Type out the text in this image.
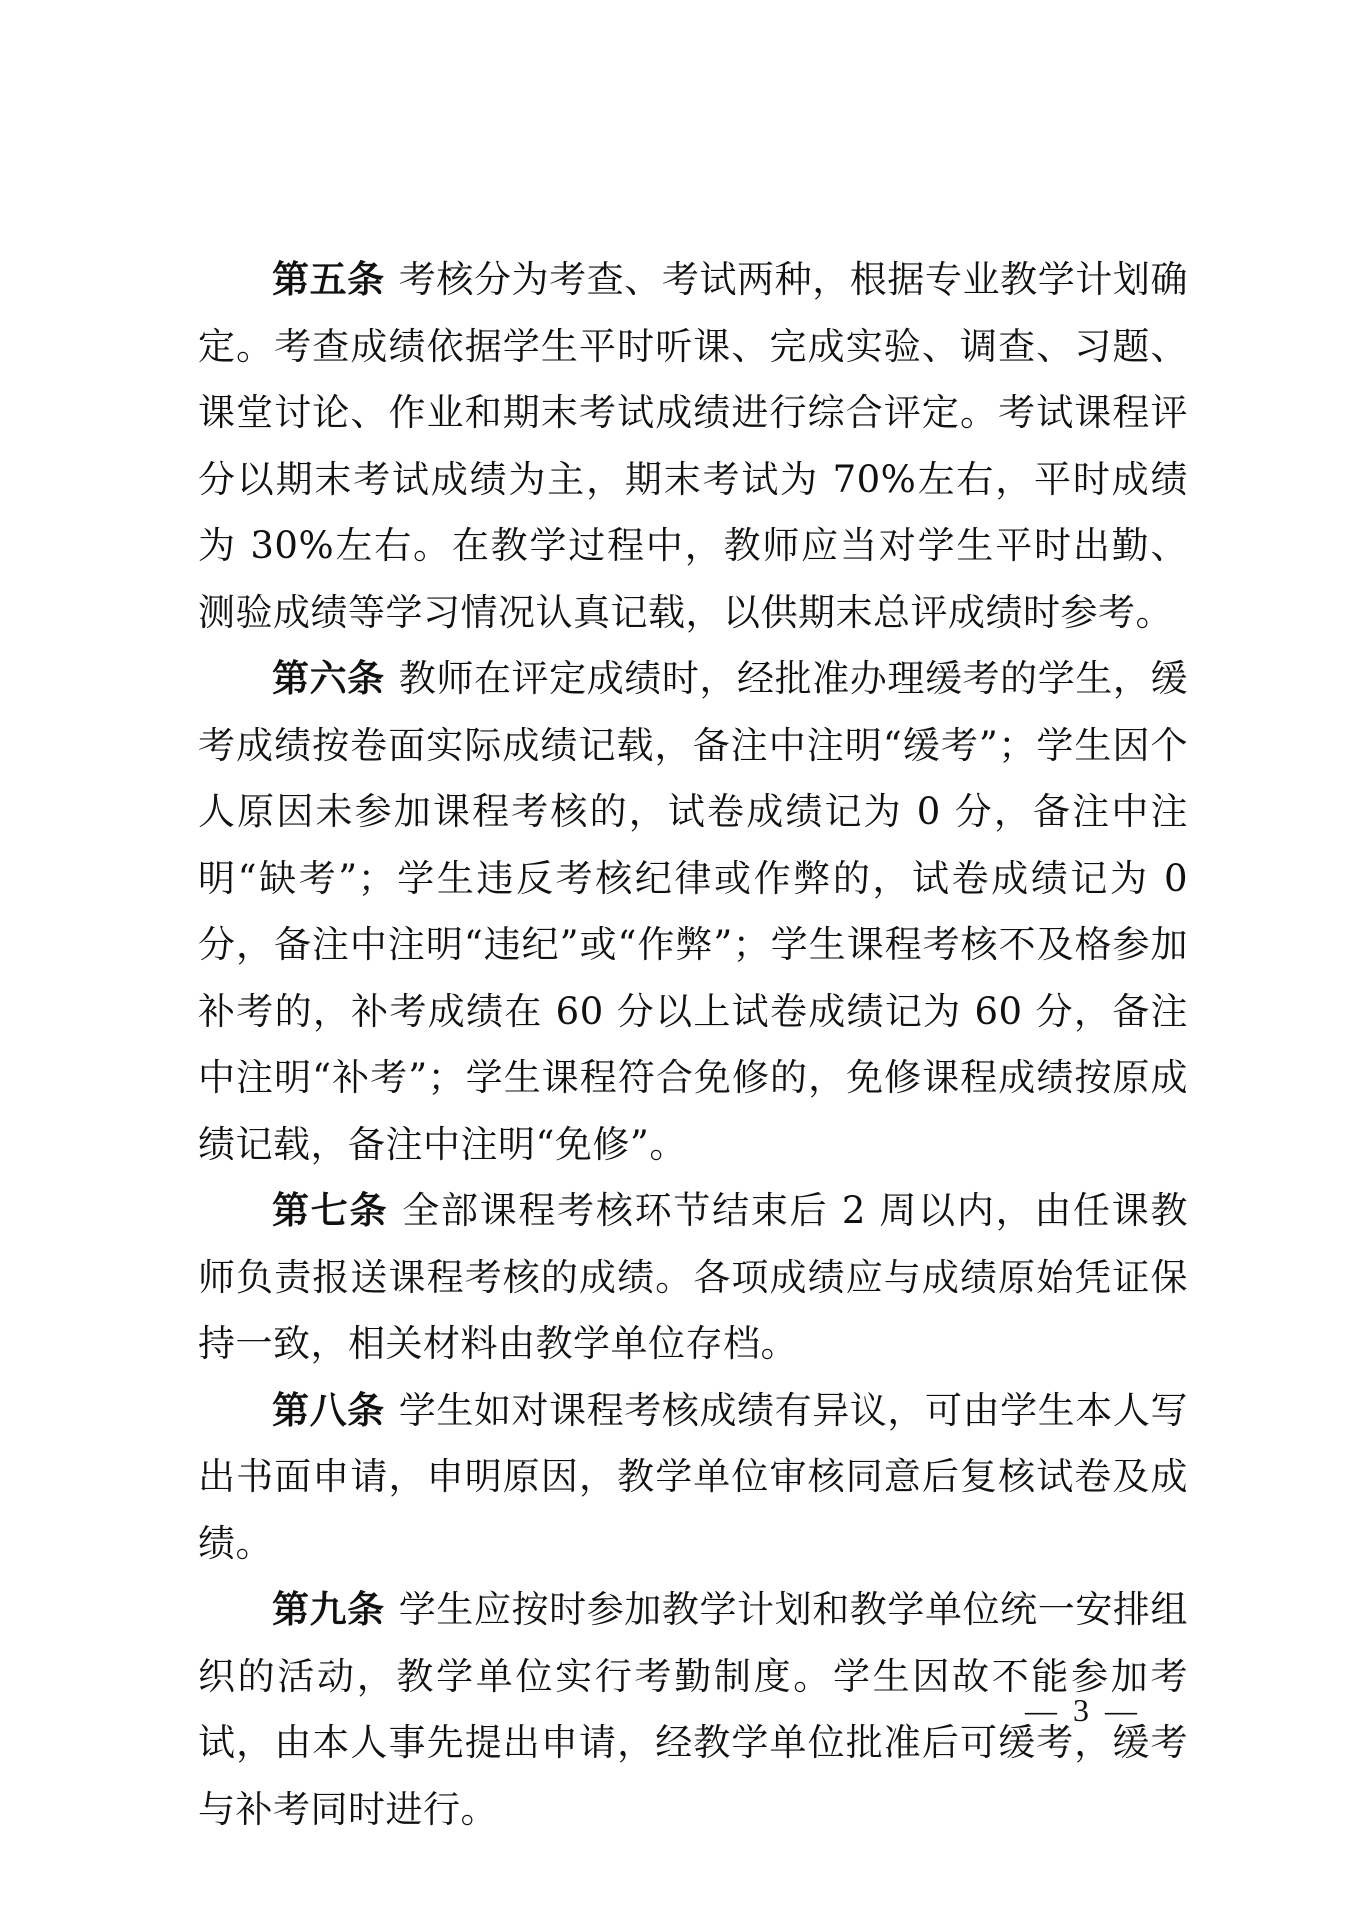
第五条 考核分为考查、考试两种，根据专业教学计划确定。考查成绩依据学生平时听课、完成实验、调查、习题、课堂讨论、作业和期末考试成绩进行综合评定。考试课程评分以期末考试成绩为主，期末考试为 70%左右，平时成绩为 30%左右。在教学过程中，教师应当对学生平时出勤、测验成绩等学习情况认真记载，以供期末总评成绩时参考。

第六条 教师在评定成绩时，经批准办理缓考的学生，缓考成绩按卷面实际成绩记载，备注中注明“缓考”；学生因个人原因未参加课程考核的，试卷成绩记为 0 分，备注中注明“缺考”；学生违反考核纪律或作弊的，试卷成绩记为 0 分，备注中注明“违纪”或“作弊”；学生课程考核不及格参加补考的，补考成绩在 60 分以上试卷成绩记为 60 分，备注中注明“补考”；学生课程符合免修的，免修课程成绩按原成绩记载，备注中注明“免修”。

第七条 全部课程考核环节结束后 2 周以内，由任课教师负责报送课程考核的成绩。各项成绩应与成绩原始凭证保持一致，相关材料由教学单位存档。

第八条 学生如对课程考核成绩有异议，可由学生本人写出书面申请，申明原因，教学单位审核同意后复核试卷及成绩。

第九条 学生应按时参加教学计划和教学单位统一安排组织的活动，教学单位实行考勤制度。学生因故不能参加考试，由本人事先提出申请，经教学单位批准后可缓考，缓考与补考同时进行。

— 3 —
